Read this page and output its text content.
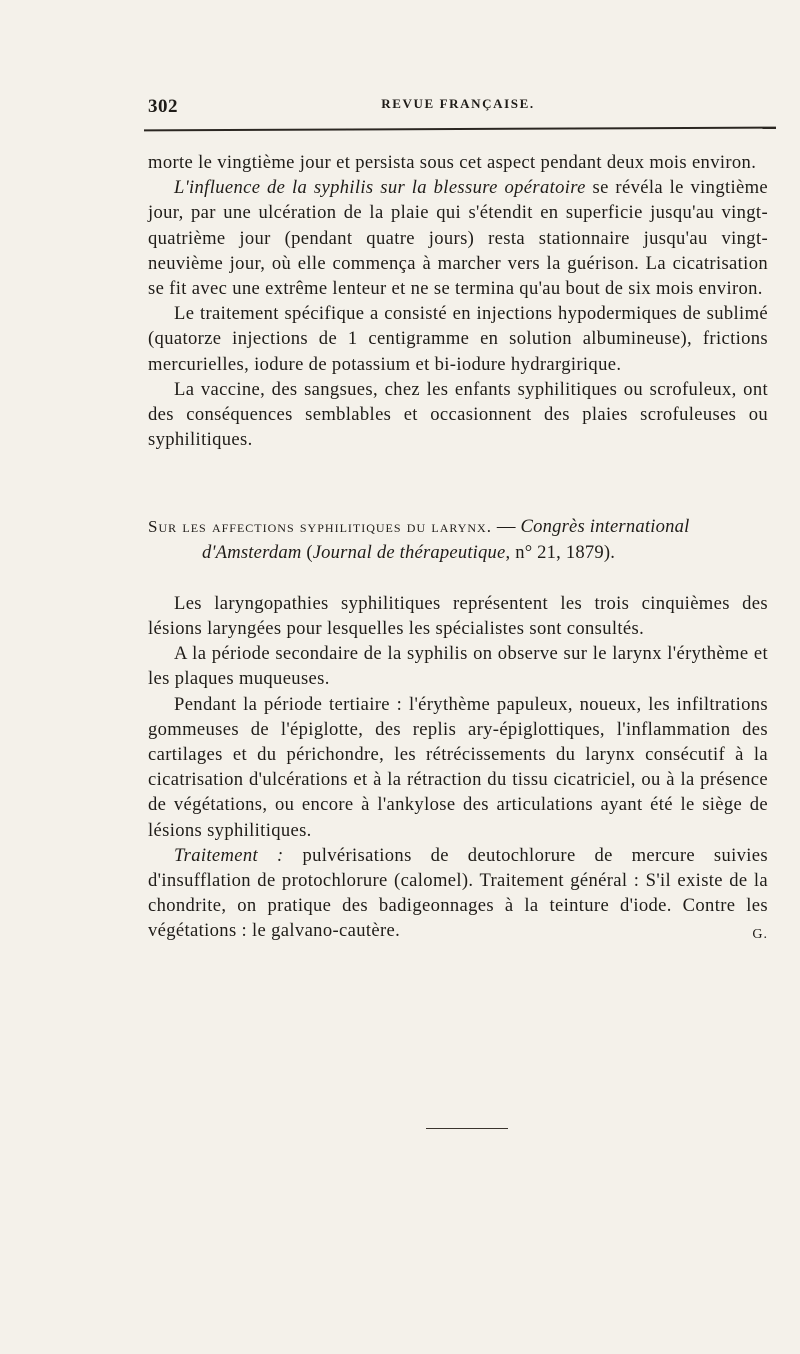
302	REVUE FRANÇAISE.

morte le vingtième jour et persista sous cet aspect pendant deux mois environ.

L'influence de la syphilis sur la blessure opératoire se révéla le vingtième jour, par une ulcération de la plaie qui s'étendit en superficie jusqu'au vingt-quatrième jour (pendant quatre jours) resta stationnaire jusqu'au vingt-neuvième jour, où elle commença à marcher vers la guérison. La cicatrisation se fit avec une extrême lenteur et ne se termina qu'au bout de six mois environ.

Le traitement spécifique a consisté en injections hypodermiques de sublimé (quatorze injections de 1 centigramme en solution albumineuse), frictions mercurielles, iodure de potassium et bi-iodure hydrargirique.

La vaccine, des sangsues, chez les enfants syphilitiques ou scrofuleux, ont des conséquences semblables et occasionnent des plaies scrofuleuses ou syphilitiques.

Sur les affections syphilitiques du larynx. — Congrès international
d'Amsterdam (Journal de thérapeutique, n° 21, 1879).

Les laryngopathies syphilitiques représentent les trois cinquièmes des lésions laryngées pour lesquelles les spécialistes sont consultés.

A la période secondaire de la syphilis on observe sur le larynx l'érythème et les plaques muqueuses.

Pendant la période tertiaire : l'érythème papuleux, noueux, les infiltrations gommeuses de l'épiglotte, des replis ary-épiglottiques, l'inflammation des cartilages et du périchondre, les rétrécissements du larynx consécutif à la cicatrisation d'ulcérations et à la rétraction du tissu cicatriciel, ou à la présence de végétations, ou encore à l'ankylose des articulations ayant été le siège de lésions syphilitiques.

Traitement : pulvérisations de deutochlorure de mercure suivies d'insufflation de protochlorure (calomel). Traitement général : S'il existe de la chondrite, on pratique des badigeonnages à la teinture d'iode. Contre les végétations : le galvano-cautère.	G.
